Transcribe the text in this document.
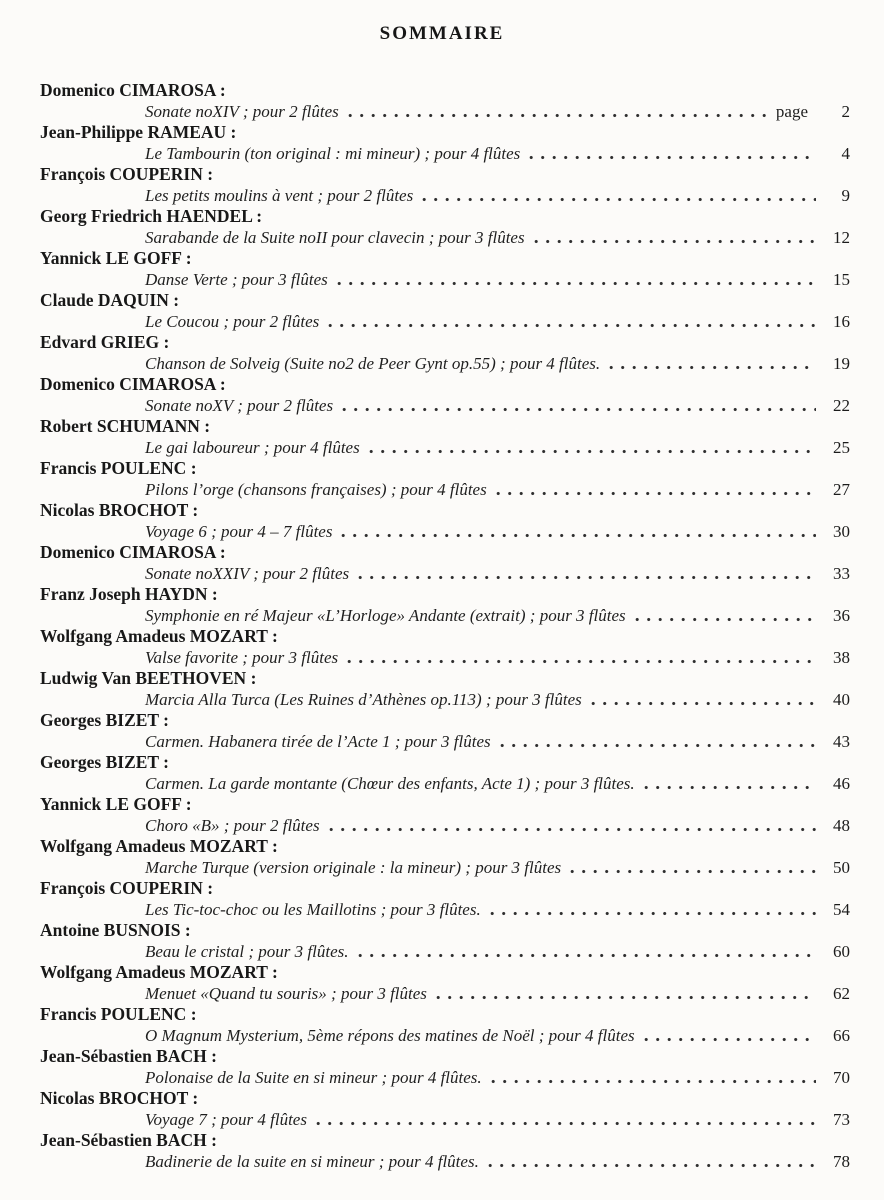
SOMMAIRE
Domenico CIMAROSA :
Sonate noXIV ; pour 2 flûtes	page	2
Jean-Philippe RAMEAU :
Le Tambourin (ton original : mi mineur) ; pour 4 flûtes	4
François COUPERIN :
Les petits moulins à vent ; pour 2 flûtes	9
Georg Friedrich HAENDEL :
Sarabande de la Suite noII pour clavecin ; pour 3 flûtes	12
Yannick LE GOFF :
Danse Verte ; pour 3 flûtes	15
Claude DAQUIN :
Le Coucou ; pour 2 flûtes	16
Edvard GRIEG :
Chanson de Solveig (Suite no2 de Peer Gynt op.55) ; pour 4 flûtes.	19
Domenico CIMAROSA :
Sonate noXV ; pour 2 flûtes	22
Robert SCHUMANN :
Le gai laboureur ; pour 4 flûtes	25
Francis POULENC :
Pilons l’orge (chansons françaises) ; pour 4 flûtes	27
Nicolas BROCHOT :
Voyage 6 ; pour 4 – 7 flûtes	30
Domenico CIMAROSA :
Sonate noXXIV ; pour 2 flûtes	33
Franz Joseph HAYDN :
Symphonie en ré Majeur «L’Horloge» Andante (extrait) ; pour 3 flûtes	36
Wolfgang Amadeus MOZART :
Valse favorite ; pour 3 flûtes	38
Ludwig Van BEETHOVEN :
Marcia Alla Turca (Les Ruines d’Athènes op.113) ; pour 3 flûtes	40
Georges BIZET :
Carmen. Habanera tirée de l’Acte 1 ; pour 3 flûtes	43
Georges BIZET :
Carmen. La garde montante (Chœur des enfants, Acte 1) ; pour 3 flûtes.	46
Yannick LE GOFF :
Choro «B» ; pour 2 flûtes	48
Wolfgang Amadeus MOZART :
Marche Turque (version originale : la mineur) ; pour 3 flûtes	50
François COUPERIN :
Les Tic-toc-choc ou les Maillotins ; pour 3 flûtes.	54
Antoine BUSNOIS :
Beau le cristal ; pour 3 flûtes.	60
Wolfgang Amadeus MOZART :
Menuet «Quand tu souris» ; pour 3 flûtes	62
Francis POULENC :
O Magnum Mysterium, 5ème répons des matines de Noël ; pour 4 flûtes	66
Jean-Sébastien BACH :
Polonaise de la Suite en si mineur ; pour 4 flûtes.	70
Nicolas BROCHOT :
Voyage 7 ; pour 4 flûtes	73
Jean-Sébastien BACH :
Badinerie de la suite en si mineur ; pour 4 flûtes.	78
